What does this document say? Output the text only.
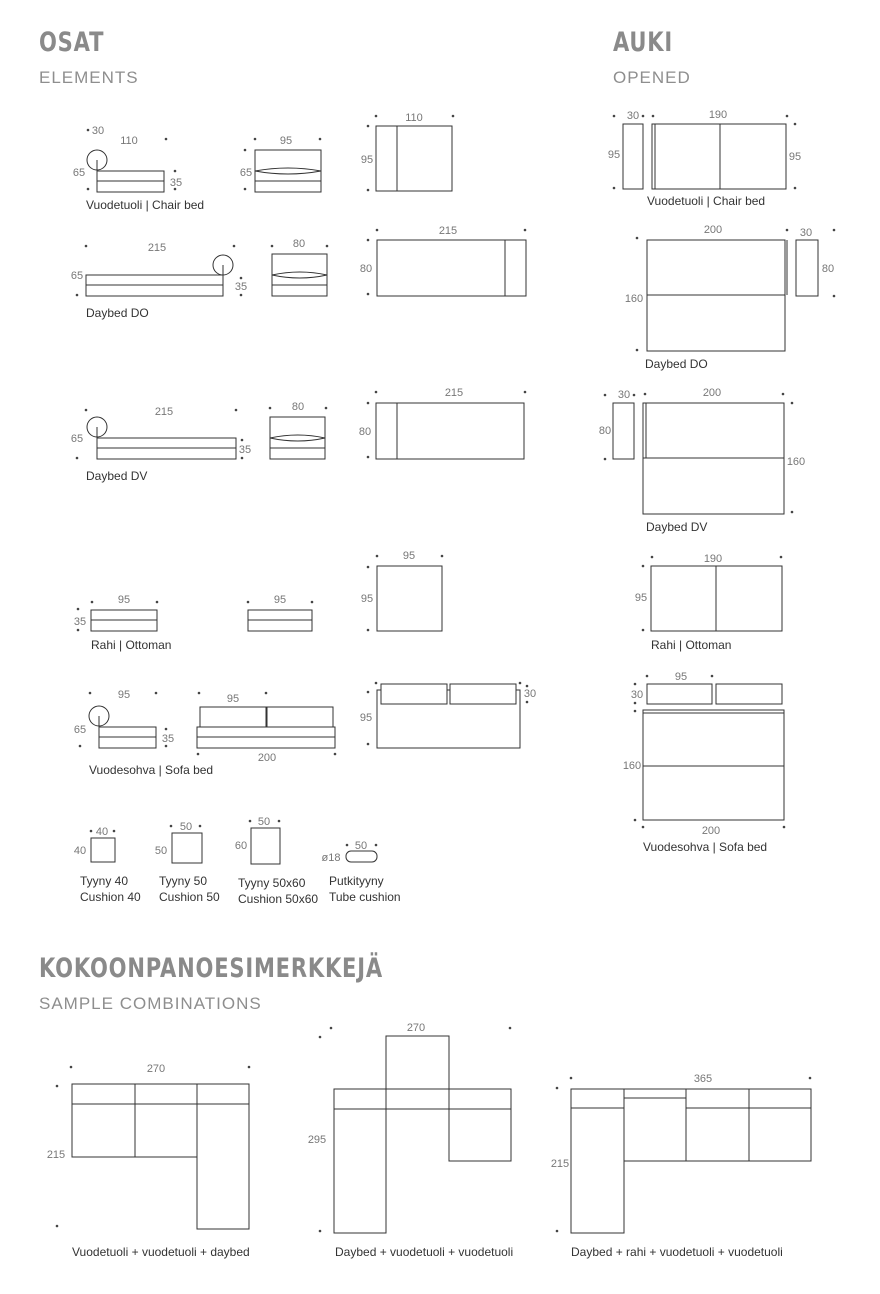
OSAT
ELEMENTS
AUKI
OPENED
KOKOONPANOESIMERKKEJÄ
SAMPLE COMBINATIONS
30
110
65
35
95
65
110
95
Vuodetuoli | Chair bed
215
65
35
80
215
80
Daybed DO
215
65
35
80
215
80
Daybed DV
95
35
95
95
95
Rahi | Ottoman
95
65
35
95
200
95
30
Vuodesohva | Sofa bed
40
40
Tyyny 40
Cushion 40
50
50
Tyyny 50
Cushion 50
50
60
Tyyny 50x60
Cushion 50x60
50
ø18
Putkityyny
Tube cushion
30	190
95	95
Vuodetuoli | Chair bed
200	30
160
80
Daybed DO
30	200
80
160
Daybed DV
190
95
Rahi | Ottoman
95
30
160
200
Vuodesohva | Sofa bed
270
215
Vuodetuoli + vuodetuoli + daybed
270
295
Daybed + vuodetuoli + vuodetuoli
365
215
Daybed + rahi + vuodetuoli + vuodetuoli
